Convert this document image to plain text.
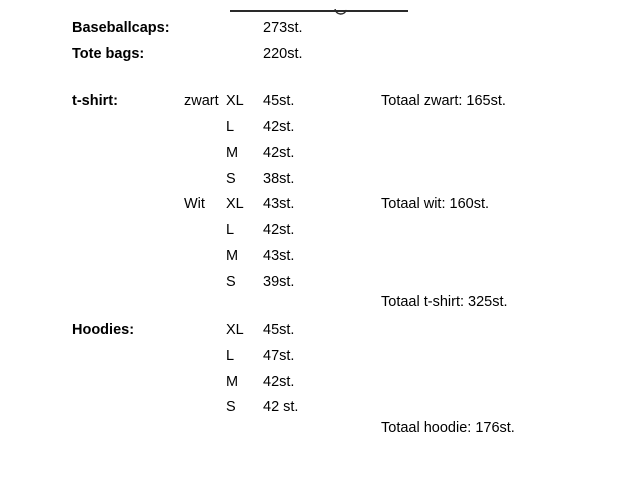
Baseballcaps:	273st.
Tote bags:	220st.
t-shirt:	zwart XL 45st.	Totaal zwart: 165st.
L 42st.
M 42st.
S 38st.
Wit XL 43st.	Totaal wit: 160st.
L 42st.
M 43st.
S 39st.
Totaal t-shirt: 325st.
Hoodies:	XL 45st.
L 47st.
M 42st.
S 42 st.
Totaal hoodie: 176st.
